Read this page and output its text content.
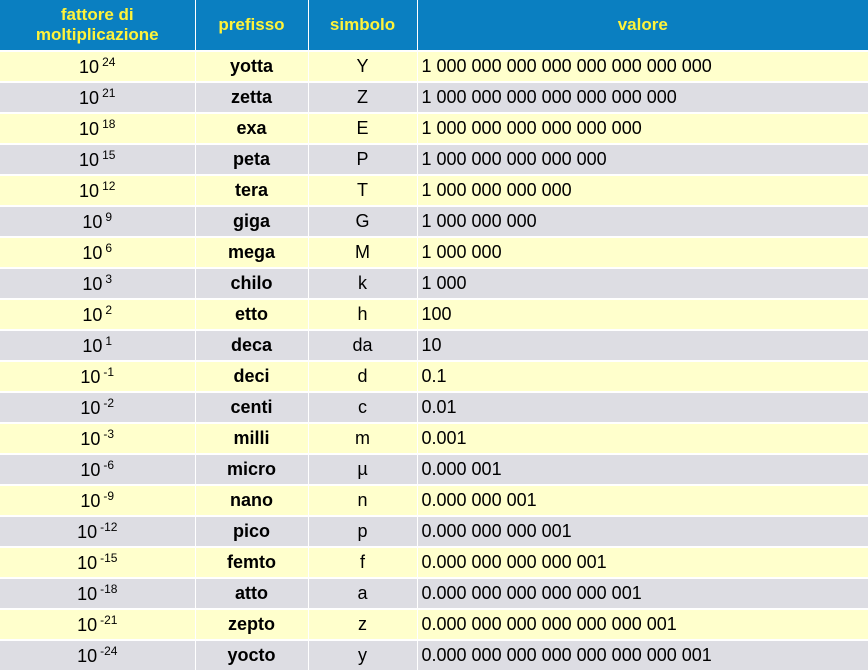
fattore di
moltiplicazione	prefisso	simbolo	valore
10 $^{24}$	yotta	Y	1 000 000 000 000 000 000 000 000
10 $^{21}$	zetta	Z	1 000 000 000 000 000 000 000
10 $^{18}$	exa	E	1 000 000 000 000 000 000
10 $^{15}$	peta	P	1 000 000 000 000 000
10 $^{12}$	tera	T	1 000 000 000 000
10 $^9$	giga	G	1 000 000 000
10 $^6$	mega	M	1 000 000
10 $^3$	chilo	k	1 000
10 $^2$	etto	h	100
10 $^1$	deca	da	10
10 $^{-1}$	deci	d	0.1
10 $^{-2}$	centi	c	0.01
10 $^{-3}$	milli	m	0.001
10 $^{-6}$	micro	µ	0.000 001
10 $^{-9}$	nano	n	0.000 000 001
10 $^{-12}$	pico	p	0.000 000 000 001
10 $^{-15}$	femto	f	0.000 000 000 000 001
10 $^{-18}$	atto	a	0.000 000 000 000 000 001
10 $^{-21}$	zepto	z	0.000 000 000 000 000 000 001
10 $^{-24}$	yocto	y	0.000 000 000 000 000 000 000 001
